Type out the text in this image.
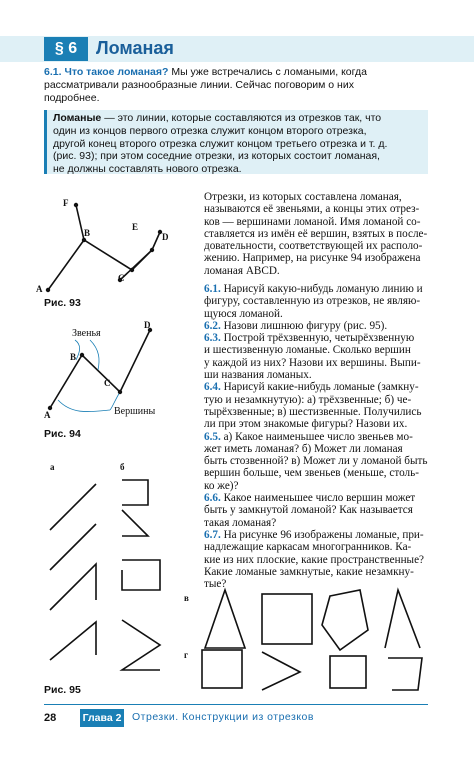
§ 6	Ломаная
6.1. Что такое ломаная? Мы уже встречались с ломаными, когда
рассматривали разнообразные линии. Сейчас поговорим о них
подробнее.
Ломаные — это линии, которые составляются из отрезков так, что
один из концов первого отрезка служит концом второго отрезка,
другой конец второго отрезка служит концом третьего отрезка и т. д.
(рис. 93); при этом соседние отрезки, из которых состоит ломаная,
не должны составлять нового отрезка.
Отрезки, из которых составлена ломаная,
называются её звеньями, а концы этих отрез-
ков — вершинами ломаной. Имя ломаной со-
ставляется из имён её вершин, взятых в после-
довательности, соответствующей их располо-
жению. Например, на рисунке 94 изображена
ломаная ABCD.
6.1. Нарисуй какую-нибудь ломаную линию и
фигуру, составленную из отрезков, не являю-
щуюся ломаной.
6.2. Назови лишнюю фигуру (рис. 95).
6.3. Построй трёхзвенную, четырёхзвенную
и шестизвенную ломаные. Сколько вершин
у каждой из них? Назови их вершины. Выпи-
ши названия ломаных.
6.4. Нарисуй какие-нибудь ломаные (замкну-
тую и незамкнутую): а) трёхзвенные; б) че-
тырёхзвенные; в) шестизвенные. Получились
ли при этом знакомые фигуры? Назови их.
6.5. а) Какое наименьшее число звеньев мо-
жет иметь ломаная? б) Может ли ломаная
быть стозвенной? в) Может ли у ломаной быть
вершин больше, чем звеньев (меньше, столь-
ко же)?
6.6. Какое наименьшее число вершин может
быть у замкнутой ломаной? Как называется
такая ломаная?
6.7. На рисунке 96 изображены ломаные, при-
надлежащие каркасам многогранников. Ка-
кие из них плоские, какие пространственные?
Какие ломаные замкнутые, какие незамкну-
тые?
F
B
E
D
A
C
Рис. 93
Звенья
D
B
C
A	Вершины
Рис. 94
а	б
Рис. 95
в
г
28	Глава 2 Отрезки. Конструкции из отрезков
